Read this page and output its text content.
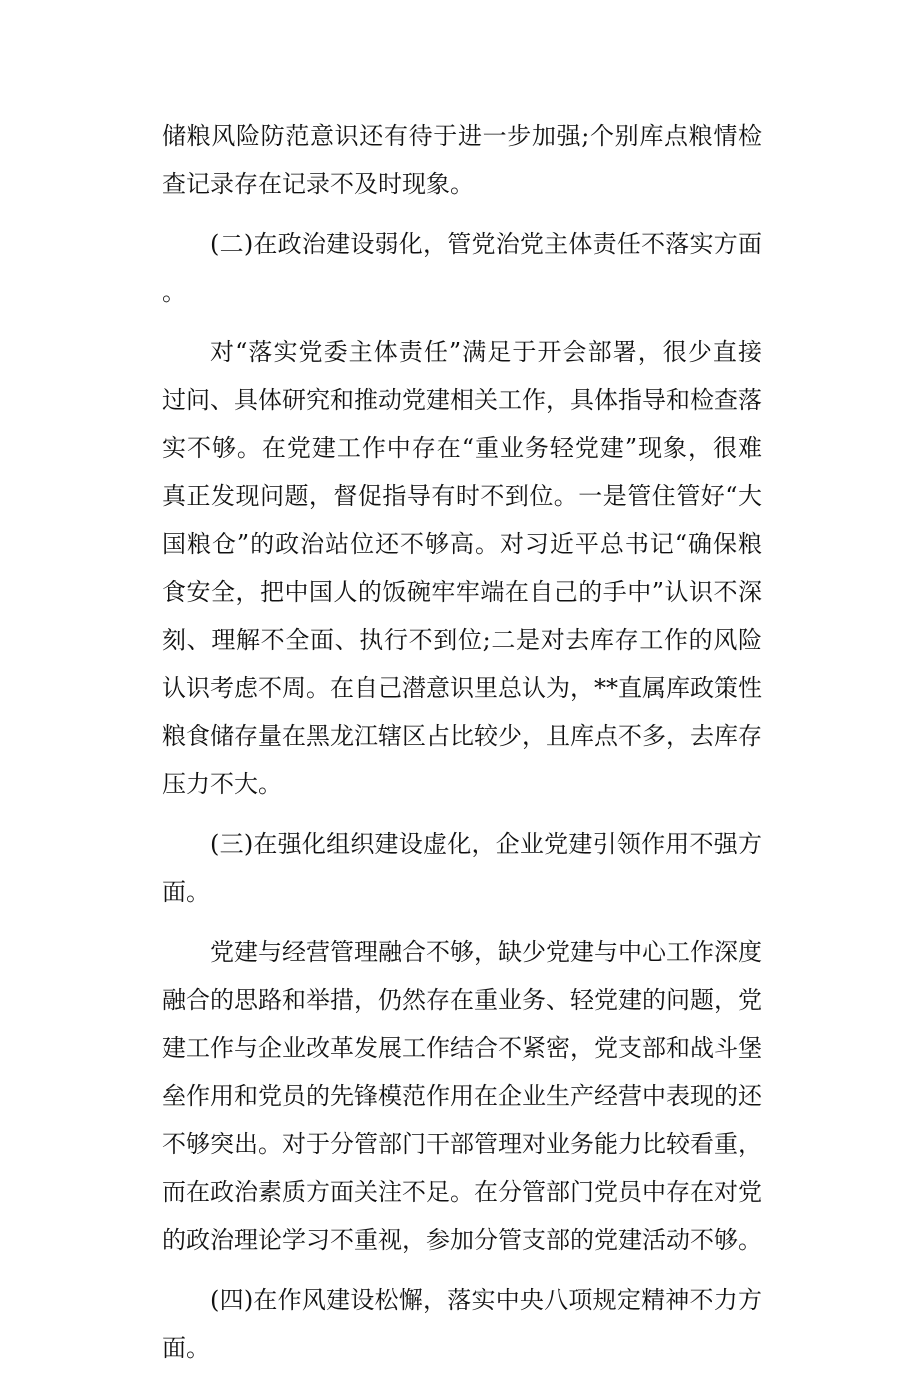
储粮风险防范意识还有待于进一步加强;个别库点粮情检查记录存在记录不及时现象。

(二)在政治建设弱化，管党治党主体责任不落实方面。

对“落实党委主体责任”满足于开会部署，很少直接过问、具体研究和推动党建相关工作，具体指导和检查落实不够。在党建工作中存在“重业务轻党建”现象，很难真正发现问题，督促指导有时不到位。一是管住管好“大国粮仓”的政治站位还不够高。对习近平总书记“确保粮食安全，把中国人的饭碗牢牢端在自己的手中”认识不深刻、理解不全面、执行不到位;二是对去库存工作的风险认识考虑不周。在自己潜意识里总认为，**直属库政策性粮食储存量在黑龙江辖区占比较少，且库点不多，去库存压力不大。

(三)在强化组织建设虚化，企业党建引领作用不强方面。

党建与经营管理融合不够，缺少党建与中心工作深度融合的思路和举措，仍然存在重业务、轻党建的问题，党建工作与企业改革发展工作结合不紧密，党支部和战斗堡垒作用和党员的先锋模范作用在企业生产经营中表现的还不够突出。对于分管部门干部管理对业务能力比较看重，而在政治素质方面关注不足。在分管部门党员中存在对党的政治理论学习不重视，参加分管支部的党建活动不够。

(四)在作风建设松懈，落实中央八项规定精神不力方面。
